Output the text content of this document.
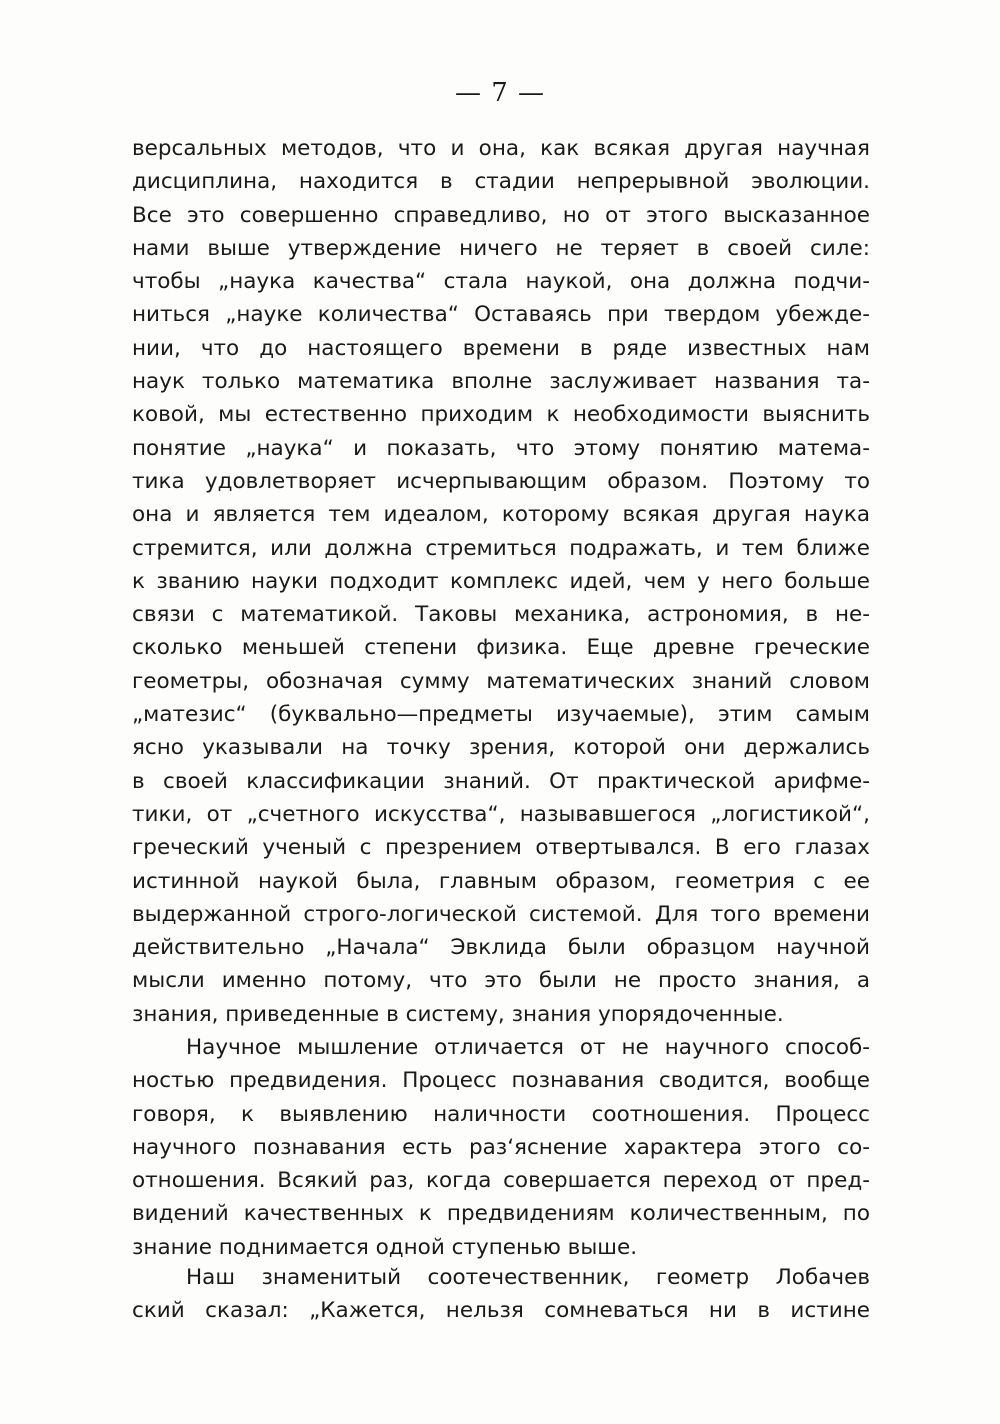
— 7 —
версальных методов, что и она, как всякая другая научная
дисциплина, находится в стадии непрерывной эволюции.
Все это совершенно справедливо, но от этого высказанное
нами выше утверждение ничего не теряет в своей силе:
чтобы „наука качества“ стала наукой, она должна подчи-
ниться „науке количества“ Оставаясь при твердом убежде-
нии, что до настоящего времени в ряде известных нам
наук только математика вполне заслуживает названия та-
ковой, мы естественно приходим к необходимости выяснить
понятие „наука“ и показать, что этому понятию матема-
тика удовлетворяет исчерпывающим образом. Поэтому то
она и является тем идеалом, которому всякая другая наука
стремится, или должна стремиться подражать, и тем ближе
к званию науки подходит комплекс идей, чем у него больше
связи с математикой. Таковы механика, астрономия, в не-
сколько меньшей степени физика. Еще древне греческие
геометры, обозначая сумму математических знаний словом
„матезис“ (буквально—предметы изучаемые), этим самым
ясно указывали на точку зрения, которой они держались
в своей классификации знаний. От практической арифме-
тики, от „счетного искусства“, называвшегося „логистикой“,
греческий ученый с презрением отвертывался. В его глазах
истинной наукой была, главным образом, геометрия с ее
выдержанной строго-логической системой. Для того времени
действительно „Начала“ Эвклида были образцом научной
мысли именно потому, что это были не просто знания, а
знания, приведенные в систему, знания упорядоченные.
Научное мышление отличается от не научного способ-
ностью предвидения. Процесс познавания сводится, вообще
говоря, к выявлению наличности соотношения. Процесс
научного познавания есть раз‘яснение характера этого со-
отношения. Всякий раз, когда совершается переход от пред-
видений качественных к предвидениям количественным, по
знание поднимается одной ступенью выше.
Наш знаменитый соотечественник, геометр Лобачев
ский сказал: „Кажется, нельзя сомневаться ни в истине
